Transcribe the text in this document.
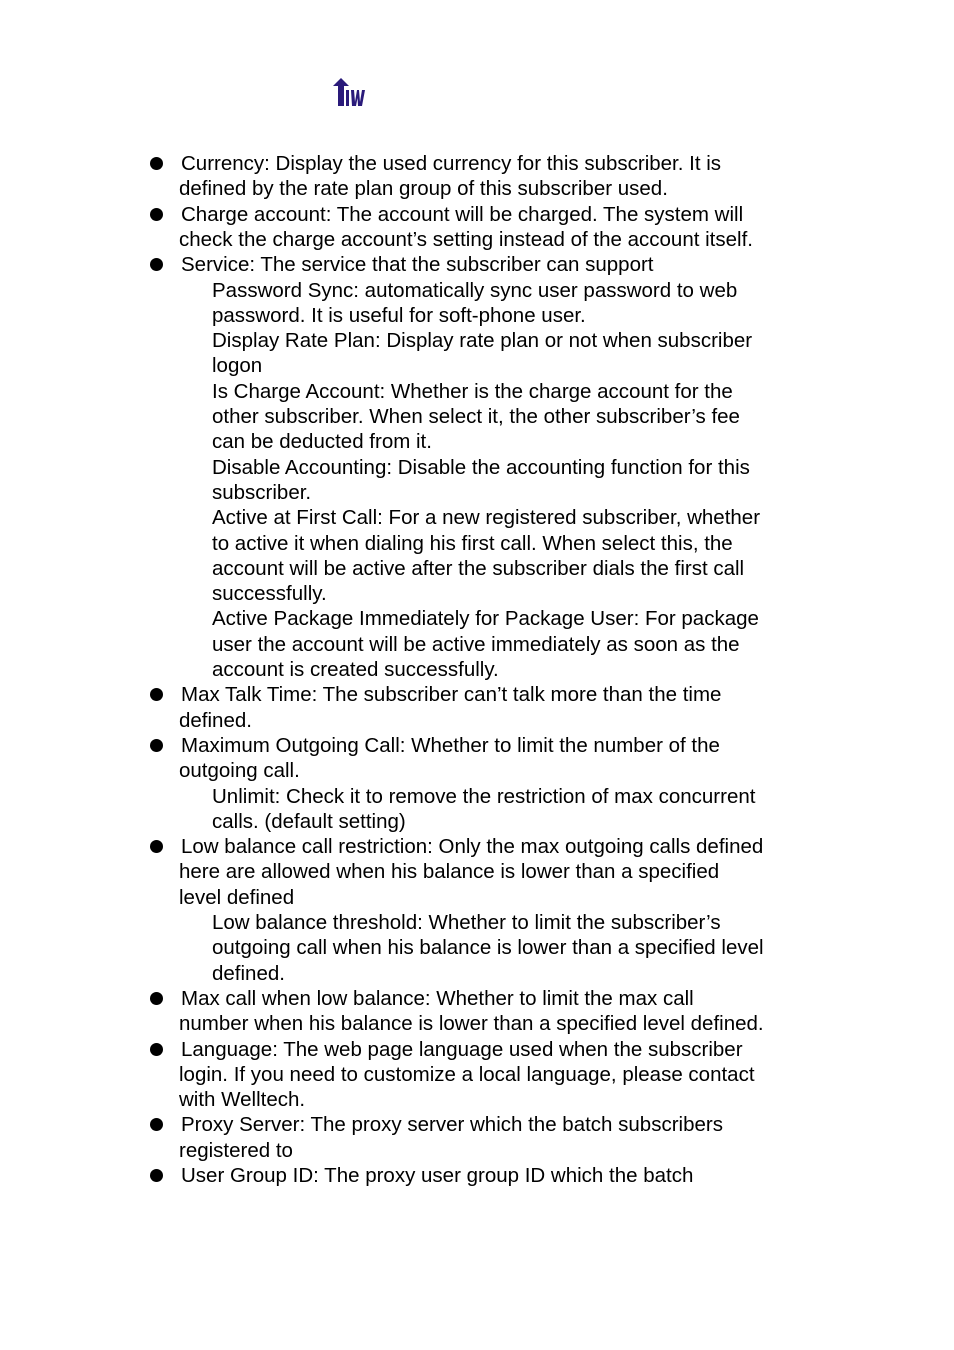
Currency: Display the used currency for this subscriber. It is
defined by the rate plan group of this subscriber used.
Charge account: The account will be charged. The system will
check the charge account’s setting instead of the account itself.
Service: The service that the subscriber can support
Password Sync: automatically sync user password to web
password. It is useful for soft-phone user.
Display Rate Plan: Display rate plan or not when subscriber
logon
Is Charge Account: Whether is the charge account for the
other subscriber. When select it, the other subscriber’s fee
can be deducted from it.
Disable Accounting: Disable the accounting function for this
subscriber.
Active at First Call: For a new registered subscriber, whether
to active it when dialing his first call. When select this, the
account will be active after the subscriber dials the first call
successfully.
Active Package Immediately for Package User: For package
user the account will be active immediately as soon as the
account is created successfully.
Max Talk Time: The subscriber can’t talk more than the time
defined.
Maximum Outgoing Call: Whether to limit the number of the
outgoing call.
Unlimit: Check it to remove the restriction of max concurrent
calls. (default setting)
Low balance call restriction: Only the max outgoing calls defined
here are allowed when his balance is lower than a specified
level defined
Low balance threshold: Whether to limit the subscriber’s
outgoing call when his balance is lower than a specified level
defined.
Max call when low balance: Whether to limit the max call
number when his balance is lower than a specified level defined.
Language: The web page language used when the subscriber
login. If you need to customize a local language, please contact
with Welltech.
Proxy Server: The proxy server which the batch subscribers
registered to
User Group ID: The proxy user group ID which the batch
